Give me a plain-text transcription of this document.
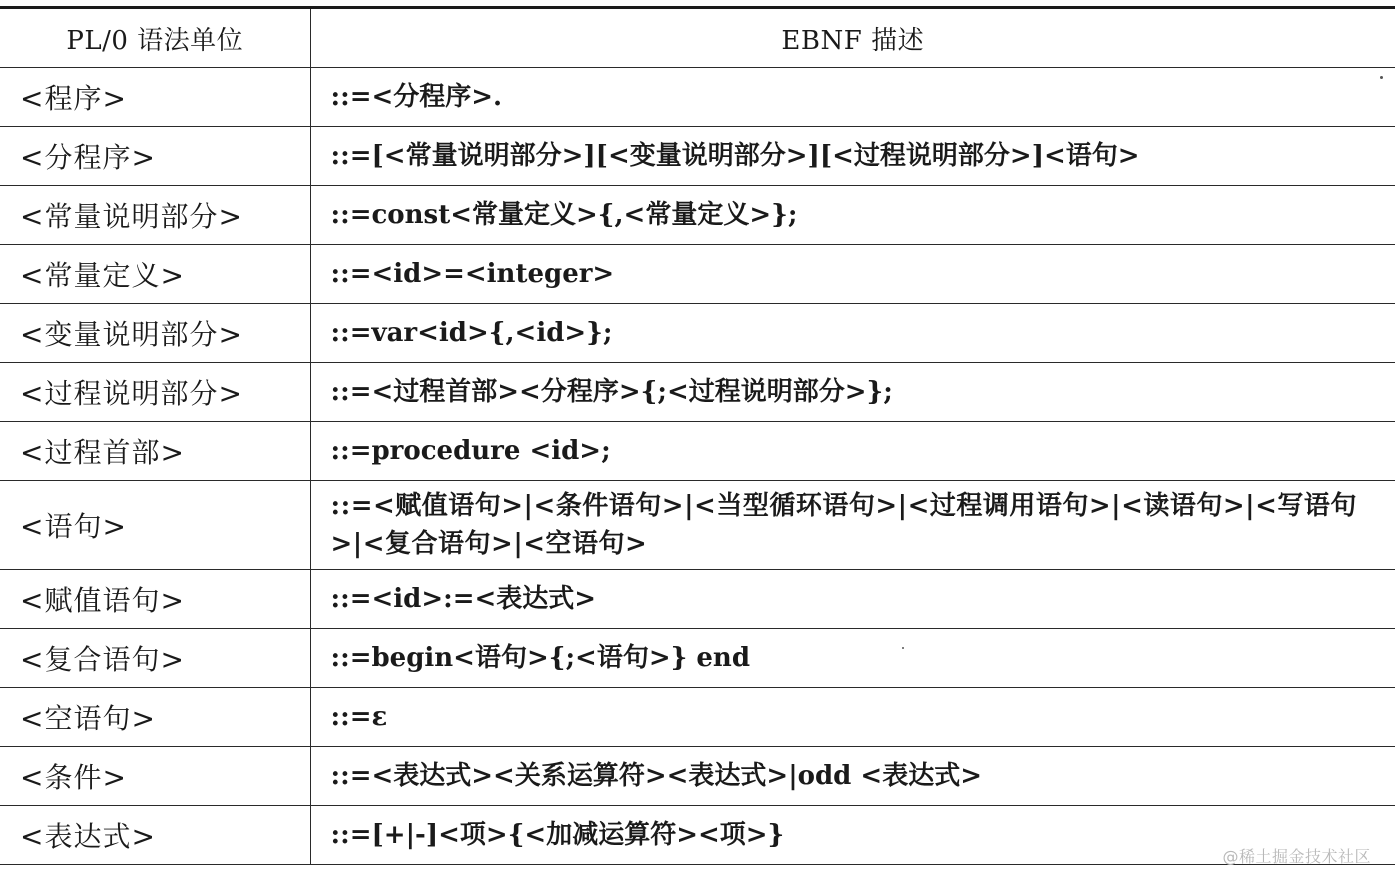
PL/0 语法单位	EBNF 描述
<程序>	::=<分程序>.
<分程序>	::=[<常量说明部分>][<变量说明部分>][<过程说明部分>]<语句>
<常量说明部分>	::=const<常量定义>{,<常量定义>};
<常量定义>	::=<id>=<integer>
<变量说明部分>	::=var<id>{,<id>};
<过程说明部分>	::=<过程首部><分程序>{;<过程说明部分>};
<过程首部>	::=procedure <id>;
<语句>	::=<赋值语句>|<条件语句>|<当型循环语句>|<过程调用语句>|<读语句>|<写语句>|<复合语句>|<空语句>
<赋值语句>	::=<id>:=<表达式>
<复合语句>	::=begin<语句>{;<语句>} end
<空语句>	::=ε
<条件>	::=<表达式><关系运算符><表达式>|odd <表达式>
<表达式>	::=[+|-]<项>{<加减运算符><项>}
@稀土掘金技术社区
